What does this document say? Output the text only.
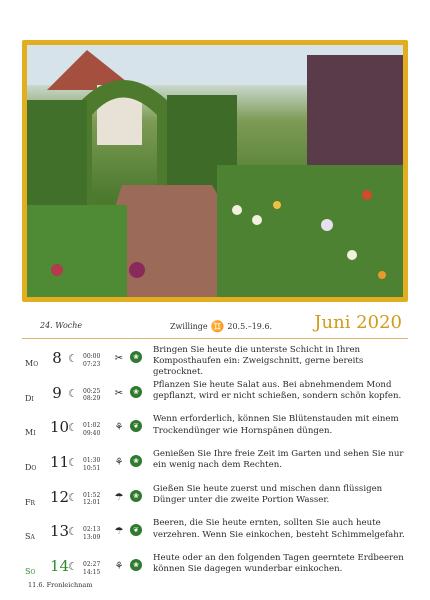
24. Woche	Zwillinge ♊ 20.5.–19.6. Juni 2020
Mo 8 ☾ 00:00
07:23 ✂	❀
Bringen Sie heute die unterste Schicht in Ihren Komposthaufen ein: Zweigschnitt, gerne bereits getrocknet.
Di 9 ☾ 00:25
08:29 ✂	❀
Pflanzen Sie heute Salat aus. Bei abnehmendem Mond gepflanzt, wird er nicht schießen, sondern schön kopfen.
Mi 10
☾ 01:02
09:40 ⚘	❦
Wenn erforderlich, können Sie Blütenstauden mit einem Trockendünger wie Hornspänen düngen.
Do 11
☾ 01:30
10:51 ⚘	❀
Genießen Sie Ihre freie Zeit im Garten und sehen Sie nur ein wenig nach dem Rechten.
Fr 12
☾ 01:52
12:01 ☂	❀
Gießen Sie heute zuerst und mischen dann flüssigen Dünger unter die zweite Portion Wasser.
Sa 13
☾ 02:13
13:09 ☂	❦
Beeren, die Sie heute ernten, sollten Sie auch heute verzehren. Wenn Sie einkochen, besteht Schimmelgefahr.
So 14
☾ 02:27
14:15 ⚘	❀
Heute oder an den folgenden Tagen geerntete Erdbeeren können Sie dagegen wunderbar einkochen.
11.6. Fronleichnam
